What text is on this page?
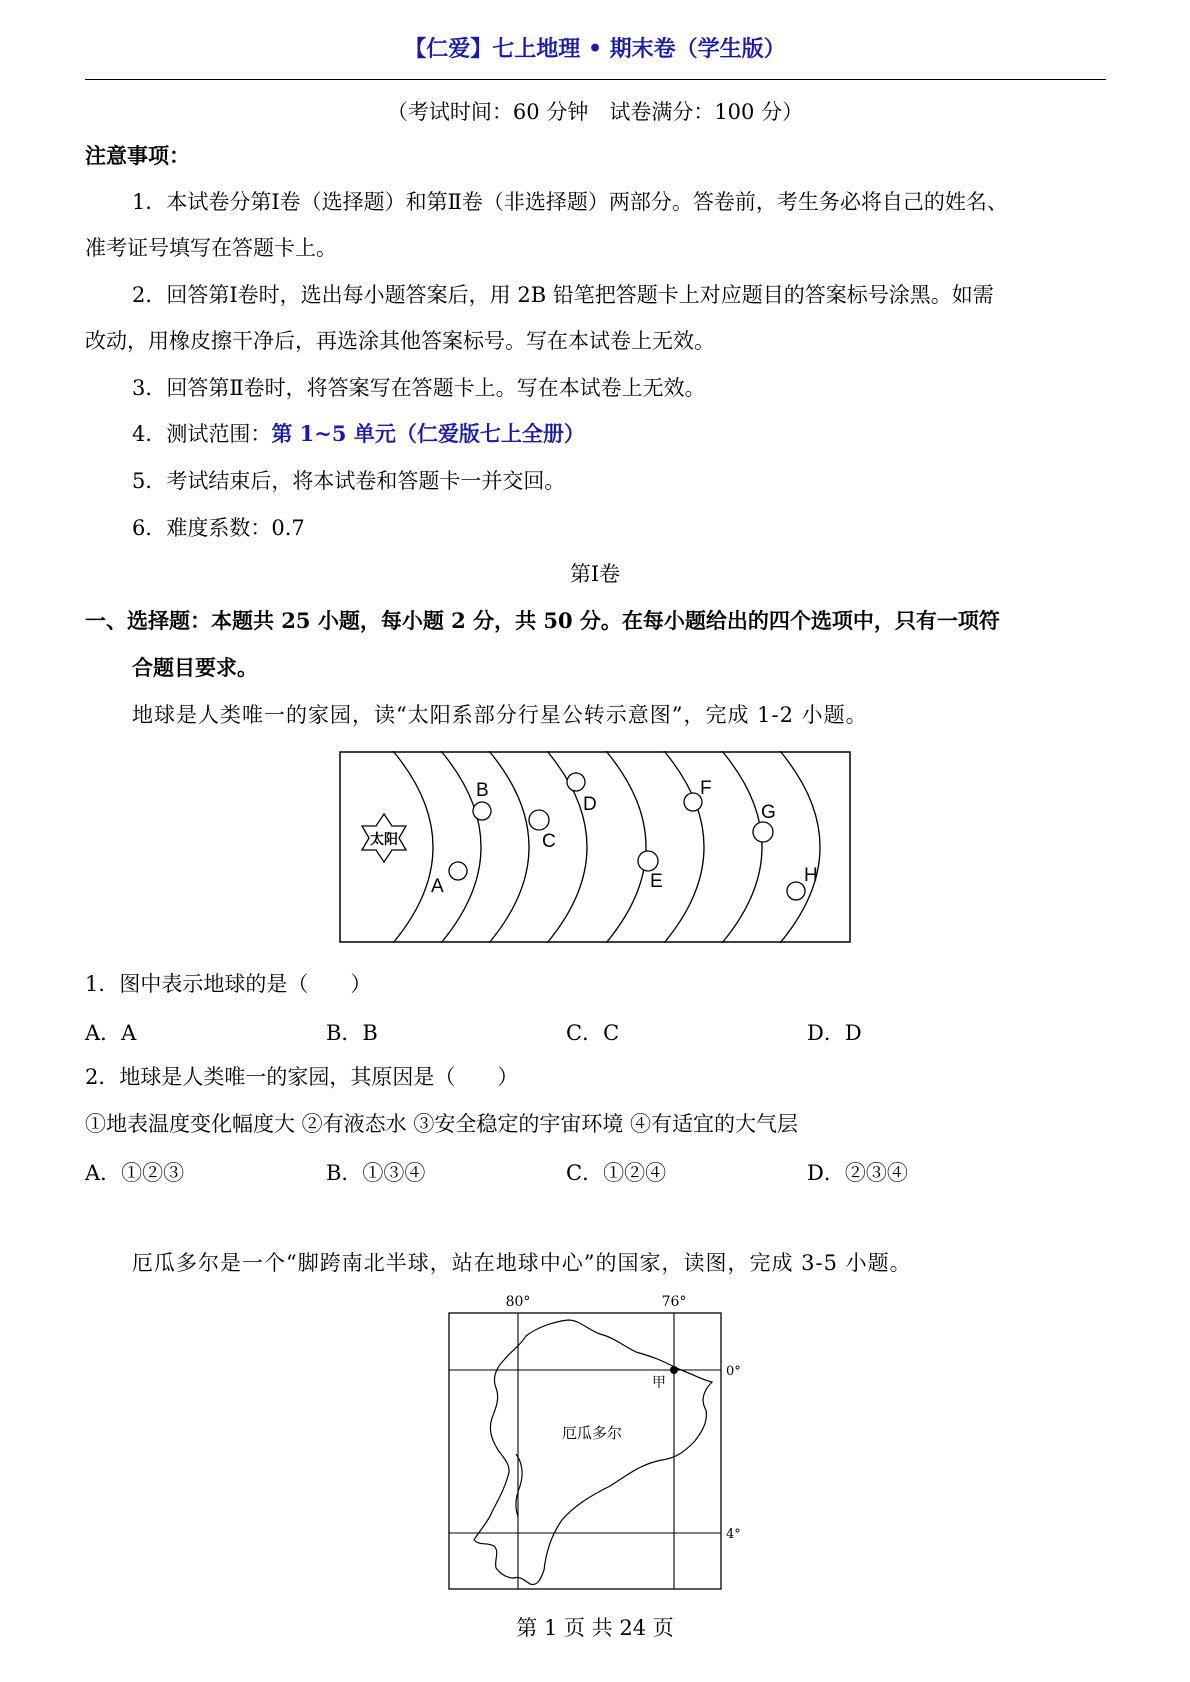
【仁爱】七上地理 • 期末卷（学生版）
（考试时间：60 分钟　试卷满分：100 分）
注意事项：
1．本试卷分第Ⅰ卷（选择题）和第Ⅱ卷（非选择题）两部分。答卷前，考生务必将自己的姓名、
准考证号填写在答题卡上。
2．回答第Ⅰ卷时，选出每小题答案后，用 2B 铅笔把答题卡上对应题目的答案标号涂黑。如需
改动，用橡皮擦干净后，再选涂其他答案标号。写在本试卷上无效。
3．回答第Ⅱ卷时，将答案写在答题卡上。写在本试卷上无效。
4．测试范围：第 1~5 单元（仁爱版七上全册）
5．考试结束后，将本试卷和答题卡一并交回。
6．难度系数：0.7
第Ⅰ卷
一、选择题：本题共 25 小题，每小题 2 分，共 50 分。在每小题给出的四个选项中，只有一项符
合题目要求。
地球是人类唯一的家园，读“太阳系部分行星公转示意图”，完成 1-2 小题。
太阳
A
B
C
D
E
F
G
H
1．图中表示地球的是（　　）
A．A	B．B	C．C	D．D
2．地球是人类唯一的家园，其原因是（　　）
①地表温度变化幅度大 ②有液态水 ③安全稳定的宇宙环境 ④有适宜的大气层
A．①②③	B．①③④	C．①②④	D．②③④
厄瓜多尔是一个“脚跨南北半球，站在地球中心”的国家，读图，完成 3-5 小题。
80°	76°
0°
4°
甲
厄瓜多尔
第 1 页 共 24 页
